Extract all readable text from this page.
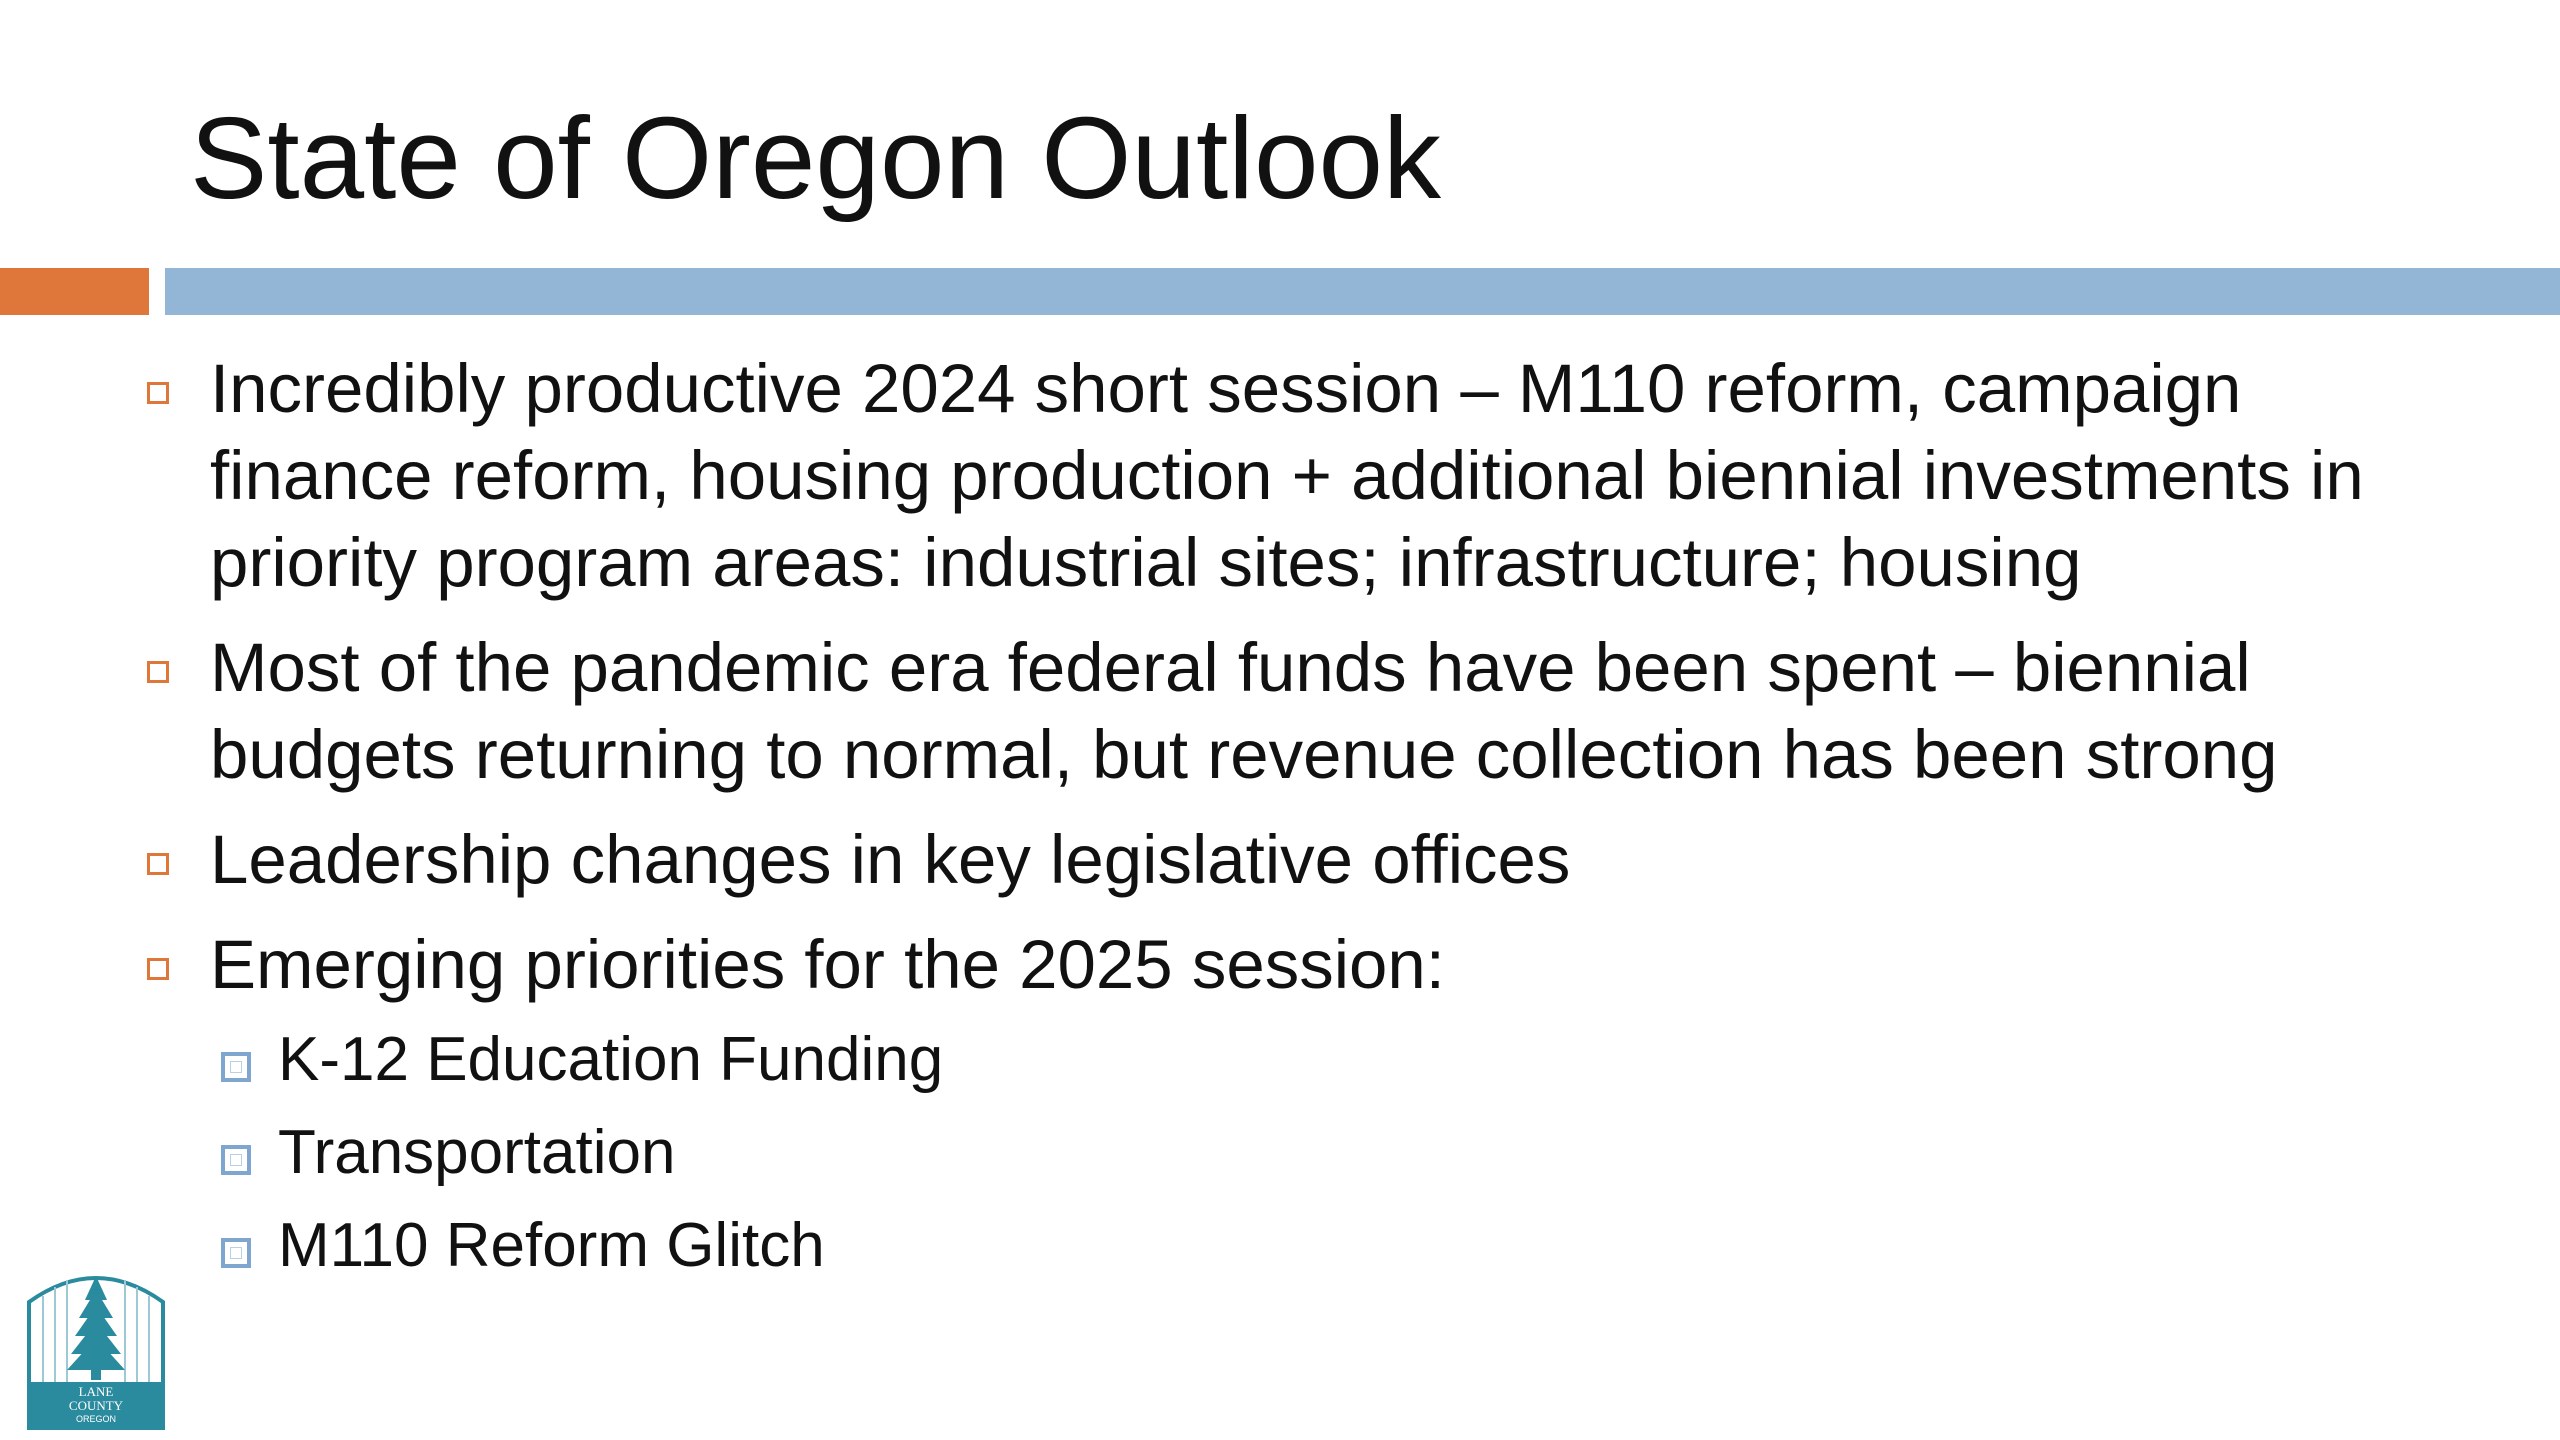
State of Oregon Outlook
Incredibly productive 2024 short session – M110 reform, campaign finance reform, housing production + additional biennial investments in priority program areas: industrial sites; infrastructure; housing
Most of the pandemic era federal funds have been spent – biennial budgets returning to normal, but revenue collection has been strong
Leadership changes in key legislative offices
Emerging priorities for the 2025 session:
K-12 Education Funding
Transportation
M110 Reform Glitch
LANE
COUNTY
OREGON
